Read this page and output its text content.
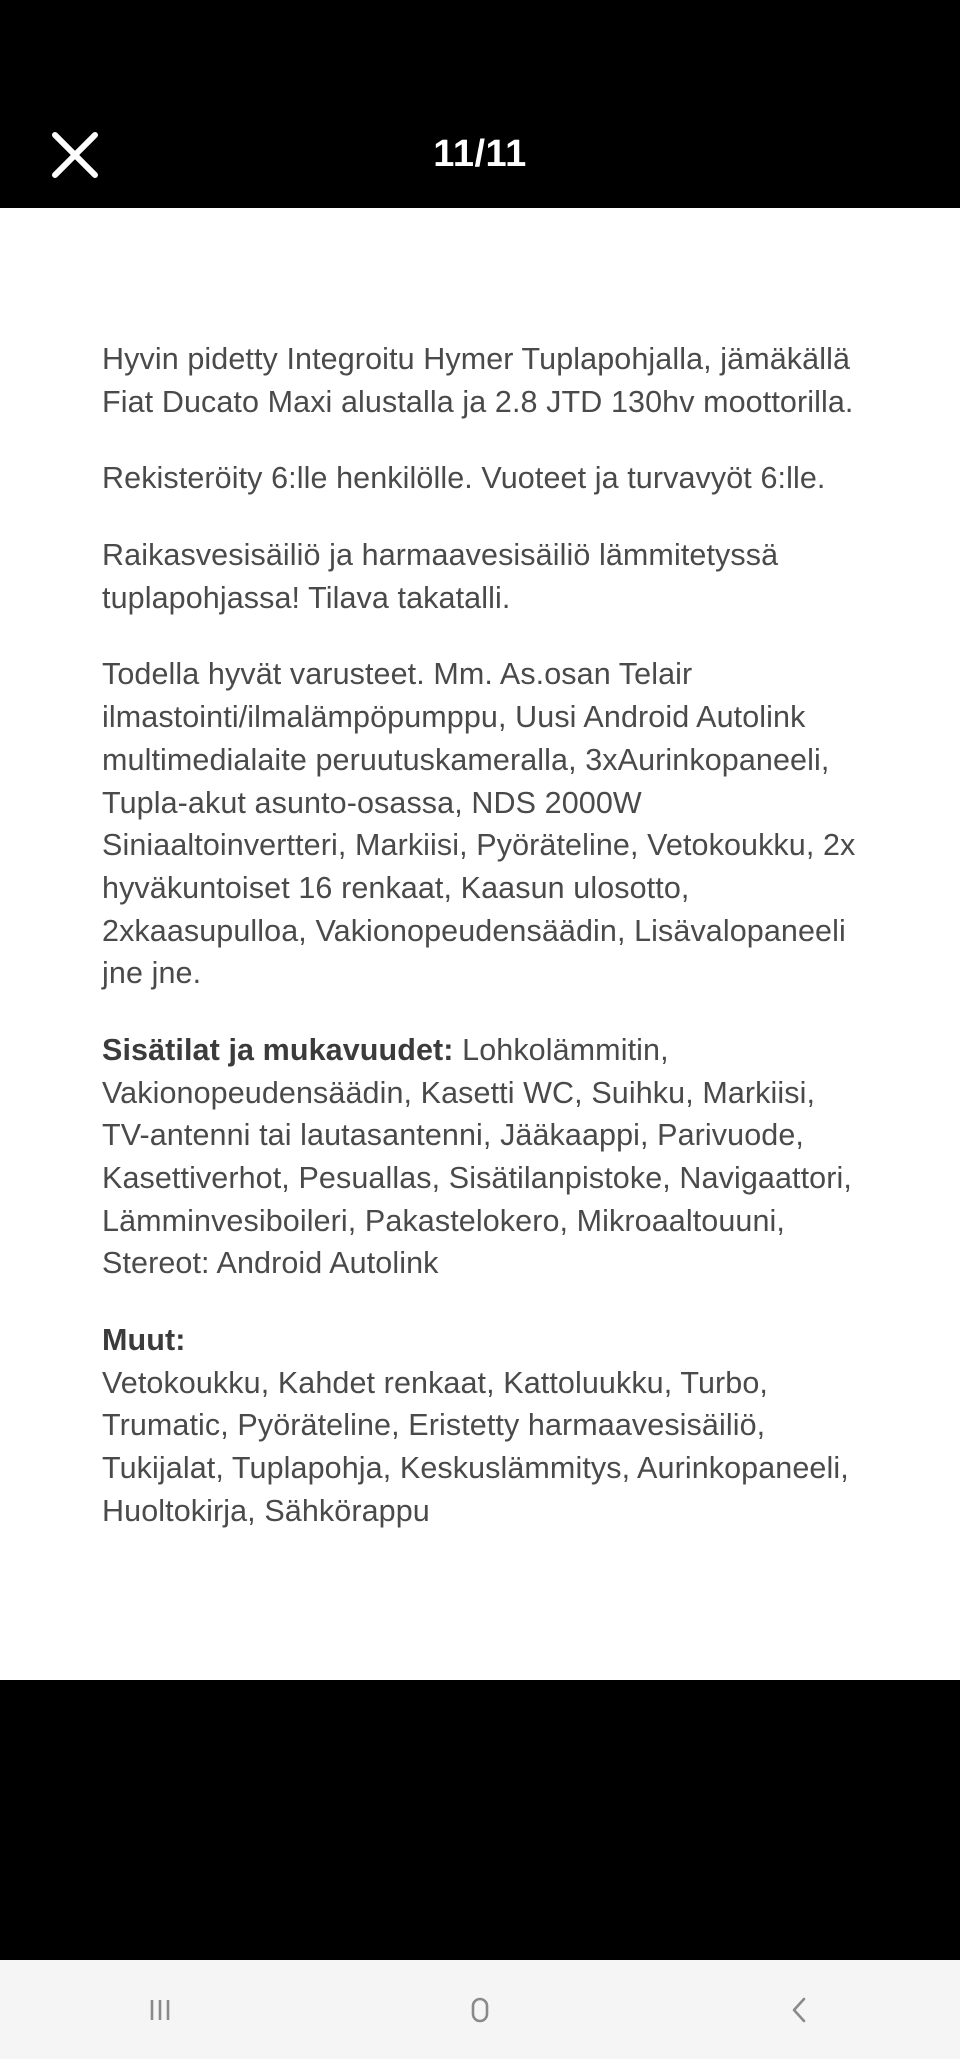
11/11

Hyvin pidetty Integroitu Hymer Tuplapohjalla, jämäkällä Fiat Ducato Maxi alustalla ja 2.8 JTD 130hv moottorilla.

Rekisteröity 6:lle henkilölle. Vuoteet ja turvavyöt 6:lle.

Raikasvesisäiliö ja harmaavesisäiliö lämmitetyssä tuplapohjassa! Tilava takatalli.

Todella hyvät varusteet. Mm. As.osan Telair ilmastointi/ilmalämpöpumppu, Uusi Android Autolink multimedialaite peruutuskameralla, 3xAurinkopaneeli, Tupla-akut asunto-osassa, NDS 2000W Siniaaltoinvertteri, Markiisi, Pyöräteline, Vetokoukku, 2x hyväkuntoiset 16 renkaat, Kaasun ulosotto, 2xkaasupulloa, Vakionopeudensäädin, Lisävalopaneeli jne jne.

Sisätilat ja mukavuudet: Lohkolämmitin, Vakionopeudensäädin, Kasetti WC, Suihku, Markiisi, TV-antenni tai lautasantenni, Jääkaappi, Parivuode, Kasettiverhot, Pesuallas, Sisätilanpistoke, Navigaattori, Lämminvesiboileri, Pakastelokero, Mikroaaltouuni, Stereot: Android Autolink

Muut:
Vetokoukku, Kahdet renkaat, Kattoluukku, Turbo, Trumatic, Pyöräteline, Eristetty harmaavesisäiliö, Tukijalat, Tuplapohja, Keskuslämmitys, Aurinkopaneeli, Huoltokirja, Sähkörappu
